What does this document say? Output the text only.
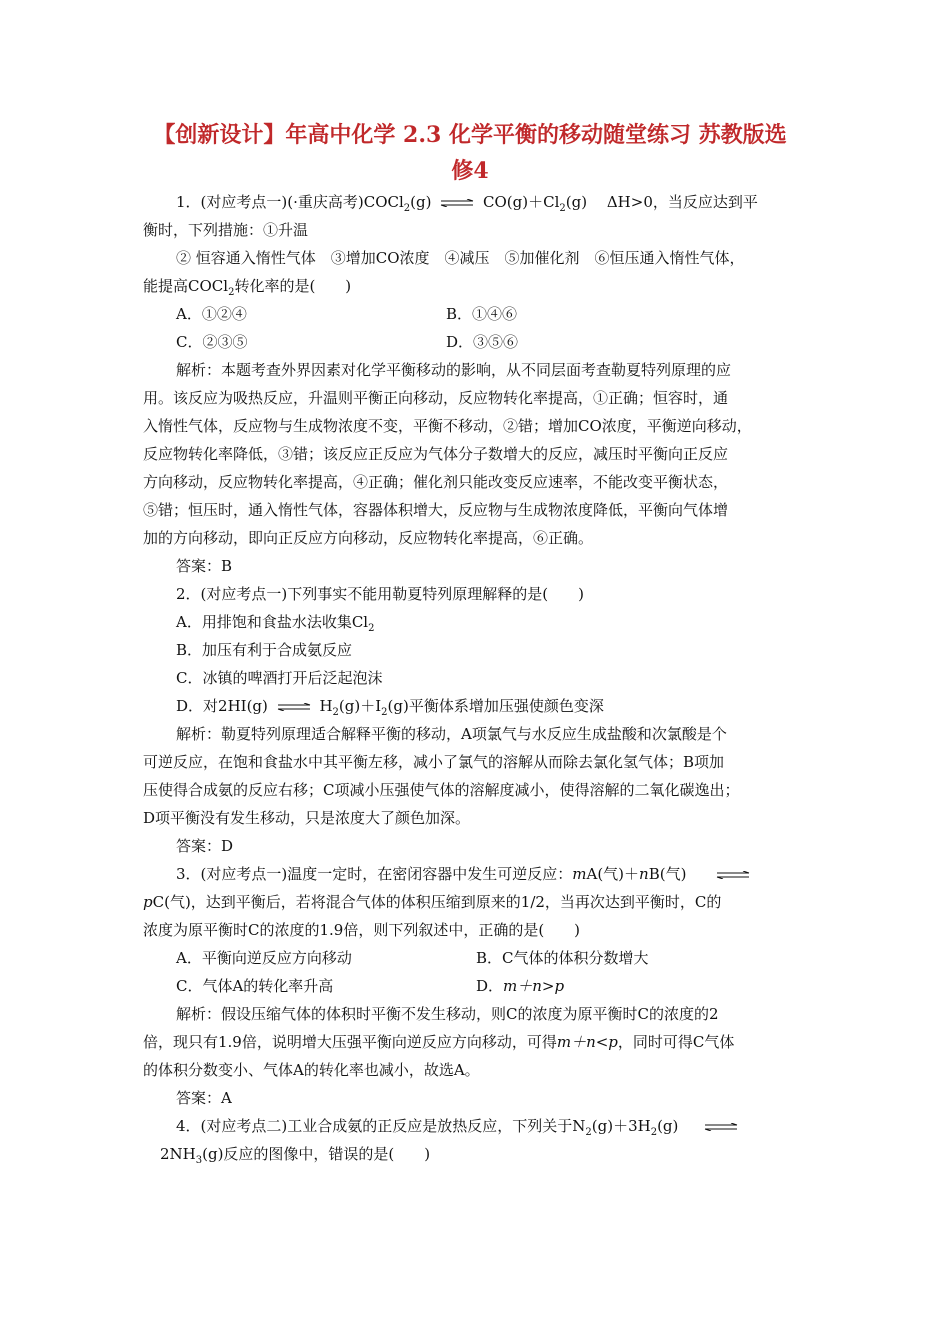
【创新设计】年高中化学 2.3 化学平衡的移动随堂练习 苏教版选
修4
1．(对应考点一)(·重庆高考)COCl$_2$(g) ⇌ $CO(g)+Cl_2(g)$　 ΔH>0，当反应达到平
衡时，下列措施：①升温
② 恒容通入惰性气体　③增加CO浓度　④减压　⑤加催化剂　⑥恒压通入惰性气体，
能提高COCl$_2$转化率的是(　　)
A．①②④	B．①④⑥
C．②③⑤	D．③⑤⑥
解析：本题考查外界因素对化学平衡移动的影响，从不同层面考查勒夏特列原理的应
用。该反应为吸热反应，升温则平衡正向移动，反应物转化率提高，①正确；恒容时，通
入惰性气体，反应物与生成物浓度不变，平衡不移动，②错；增加CO浓度，平衡逆向移动，
反应物转化率降低，③错；该反应正反应为气体分子数增大的反应，减压时平衡向正反应
方向移动，反应物转化率提高，④正确；催化剂只能改变反应速率，不能改变平衡状态，
⑤错；恒压时，通入惰性气体，容器体积增大，反应物与生成物浓度降低，平衡向气体增
加的方向移动，即向正反应方向移动，反应物转化率提高，⑥正确。
答案：B
2．(对应考点一)下列事实不能用勒夏特列原理解释的是(　　)
A．用排饱和食盐水法收集$Cl_2$
B．加压有利于合成氨反应
C．冰镇的啤酒打开后泛起泡沫
D．对2HI(g) ⇌ $H_2(g)+I_2(g)$平衡体系增加压强使颜色变深
解析：勒夏特列原理适合解释平衡的移动，A项氯气与水反应生成盐酸和次氯酸是个
可逆反应，在饱和食盐水中其平衡左移，减小了氯气的溶解从而除去氯化氢气体；B项加
压使得合成氨的反应右移；C项减小压强使气体的溶解度减小，使得溶解的二氧化碳逸出；
D项平衡没有发生移动，只是浓度大了颜色加深。
答案：D
3．(对应考点一)温度一定时，在密闭容器中发生可逆反应：mA(气)＋nB(气)
pC(气)，达到平衡后，若将混合气体的体积压缩到原来的1/2，当再次达到平衡时，C的
浓度为原平衡时C的浓度的1.9倍，则下列叙述中，正确的是(　　)
A．平衡向逆反应方向移动	B．C气体的体积分数增大
C．气体A的转化率升高	D．m＋n>p
解析：假设压缩气体的体积时平衡不发生移动，则C的浓度为原平衡时C的浓度的2
倍，现只有1.9倍，说明增大压强平衡向逆反应方向移动，可得m＋n<p，同时可得C气体
的体积分数变小、气体A的转化率也减小，故选A。
答案：A
4．(对应考点二)工业合成氨的正反应是放热反应，下列关于$N_2(g)+3H_2(g)$
$2NH_3(g)$反应的图像中，错误的是(　　)
